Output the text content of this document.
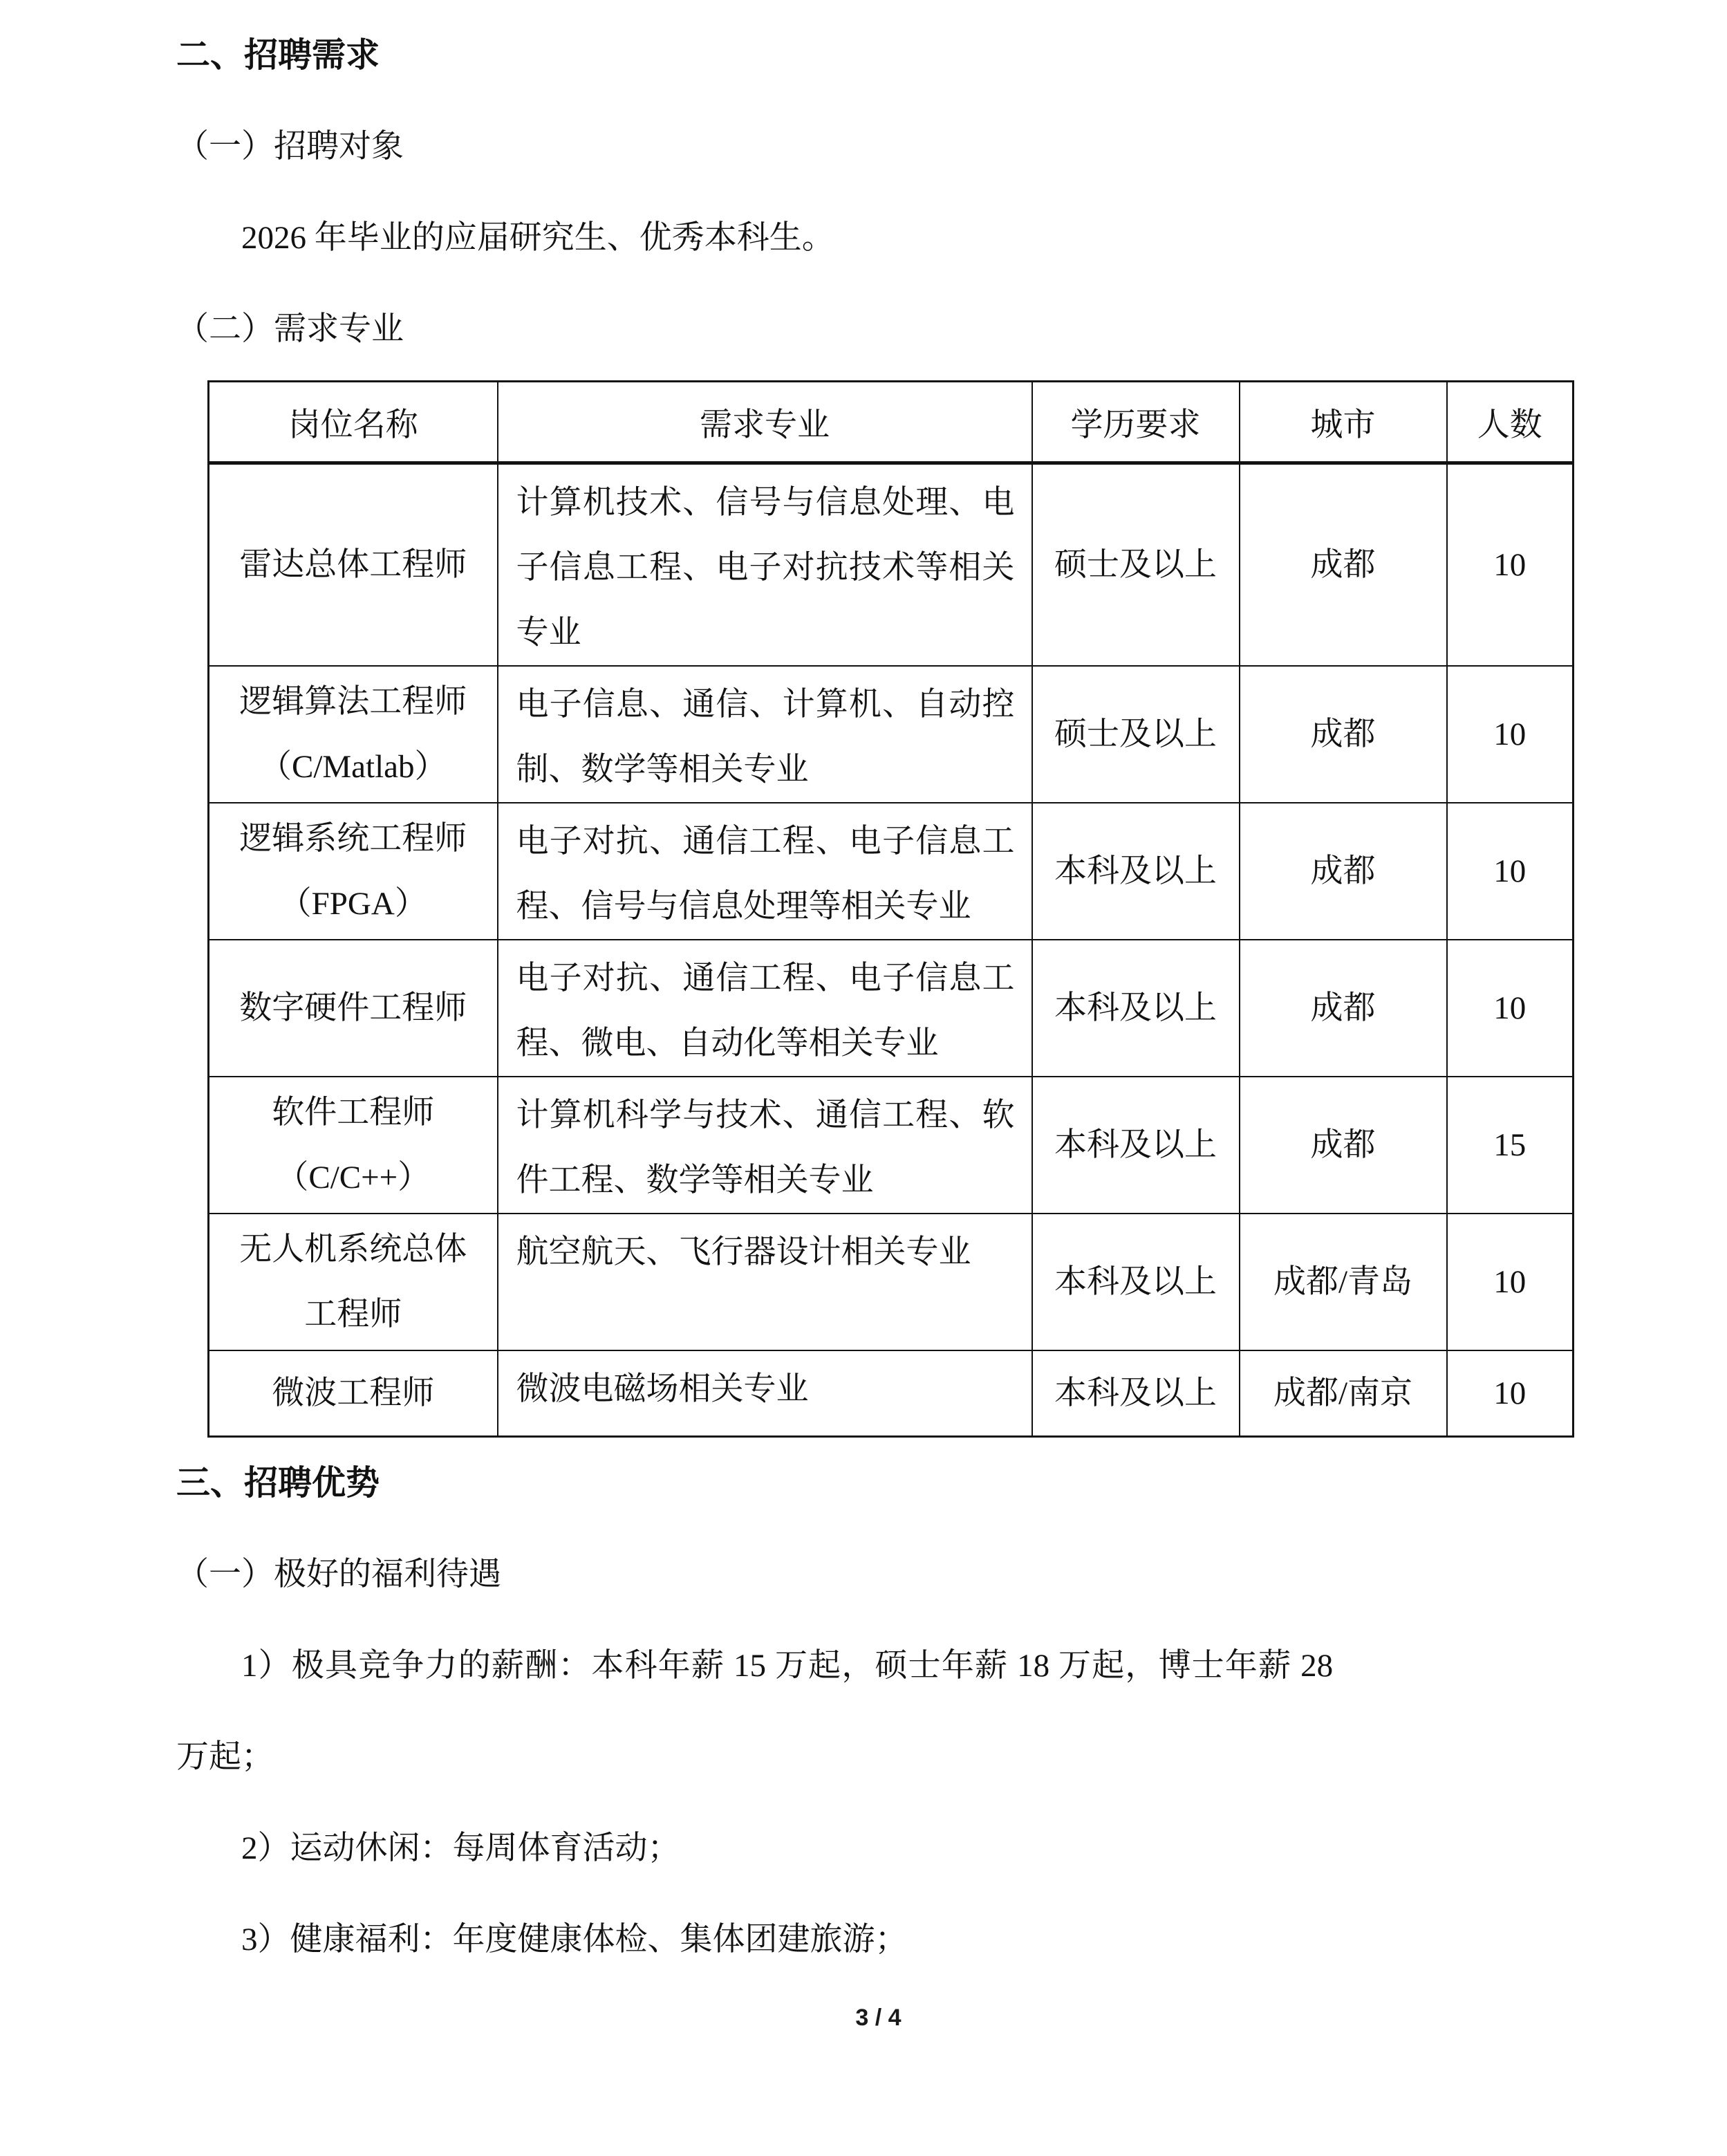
二、招聘需求

（一）招聘对象

2026 年毕业的应届研究生、优秀本科生。

（二）需求专业

岗位名称	需求专业	学历要求	城市	人数
雷达总体工程师	计算机技术、信号与信息处理、电子信息工程、电子对抗技术等相关专业	硕士及以上	成都	10
逻辑算法工程师（C/Matlab）	电子信息、通信、计算机、自动控制、数学等相关专业	硕士及以上	成都	10
逻辑系统工程师（FPGA）	电子对抗、通信工程、电子信息工程、信号与信息处理等相关专业	本科及以上	成都	10
数字硬件工程师	电子对抗、通信工程、电子信息工程、微电、自动化等相关专业	本科及以上	成都	10
软件工程师（C/C++）	计算机科学与技术、通信工程、软件工程、数学等相关专业	本科及以上	成都	15
无人机系统总体工程师	航空航天、飞行器设计相关专业	本科及以上	成都/青岛	10
微波工程师	微波电磁场相关专业	本科及以上	成都/南京	10
三、招聘优势

（一）极好的福利待遇

1）极具竞争力的薪酬：本科年薪 15 万起，硕士年薪 18 万起，博士年薪 28 万起；

2）运动休闲：每周体育活动；

3）健康福利：年度健康体检、集体团建旅游；

3 / 4
